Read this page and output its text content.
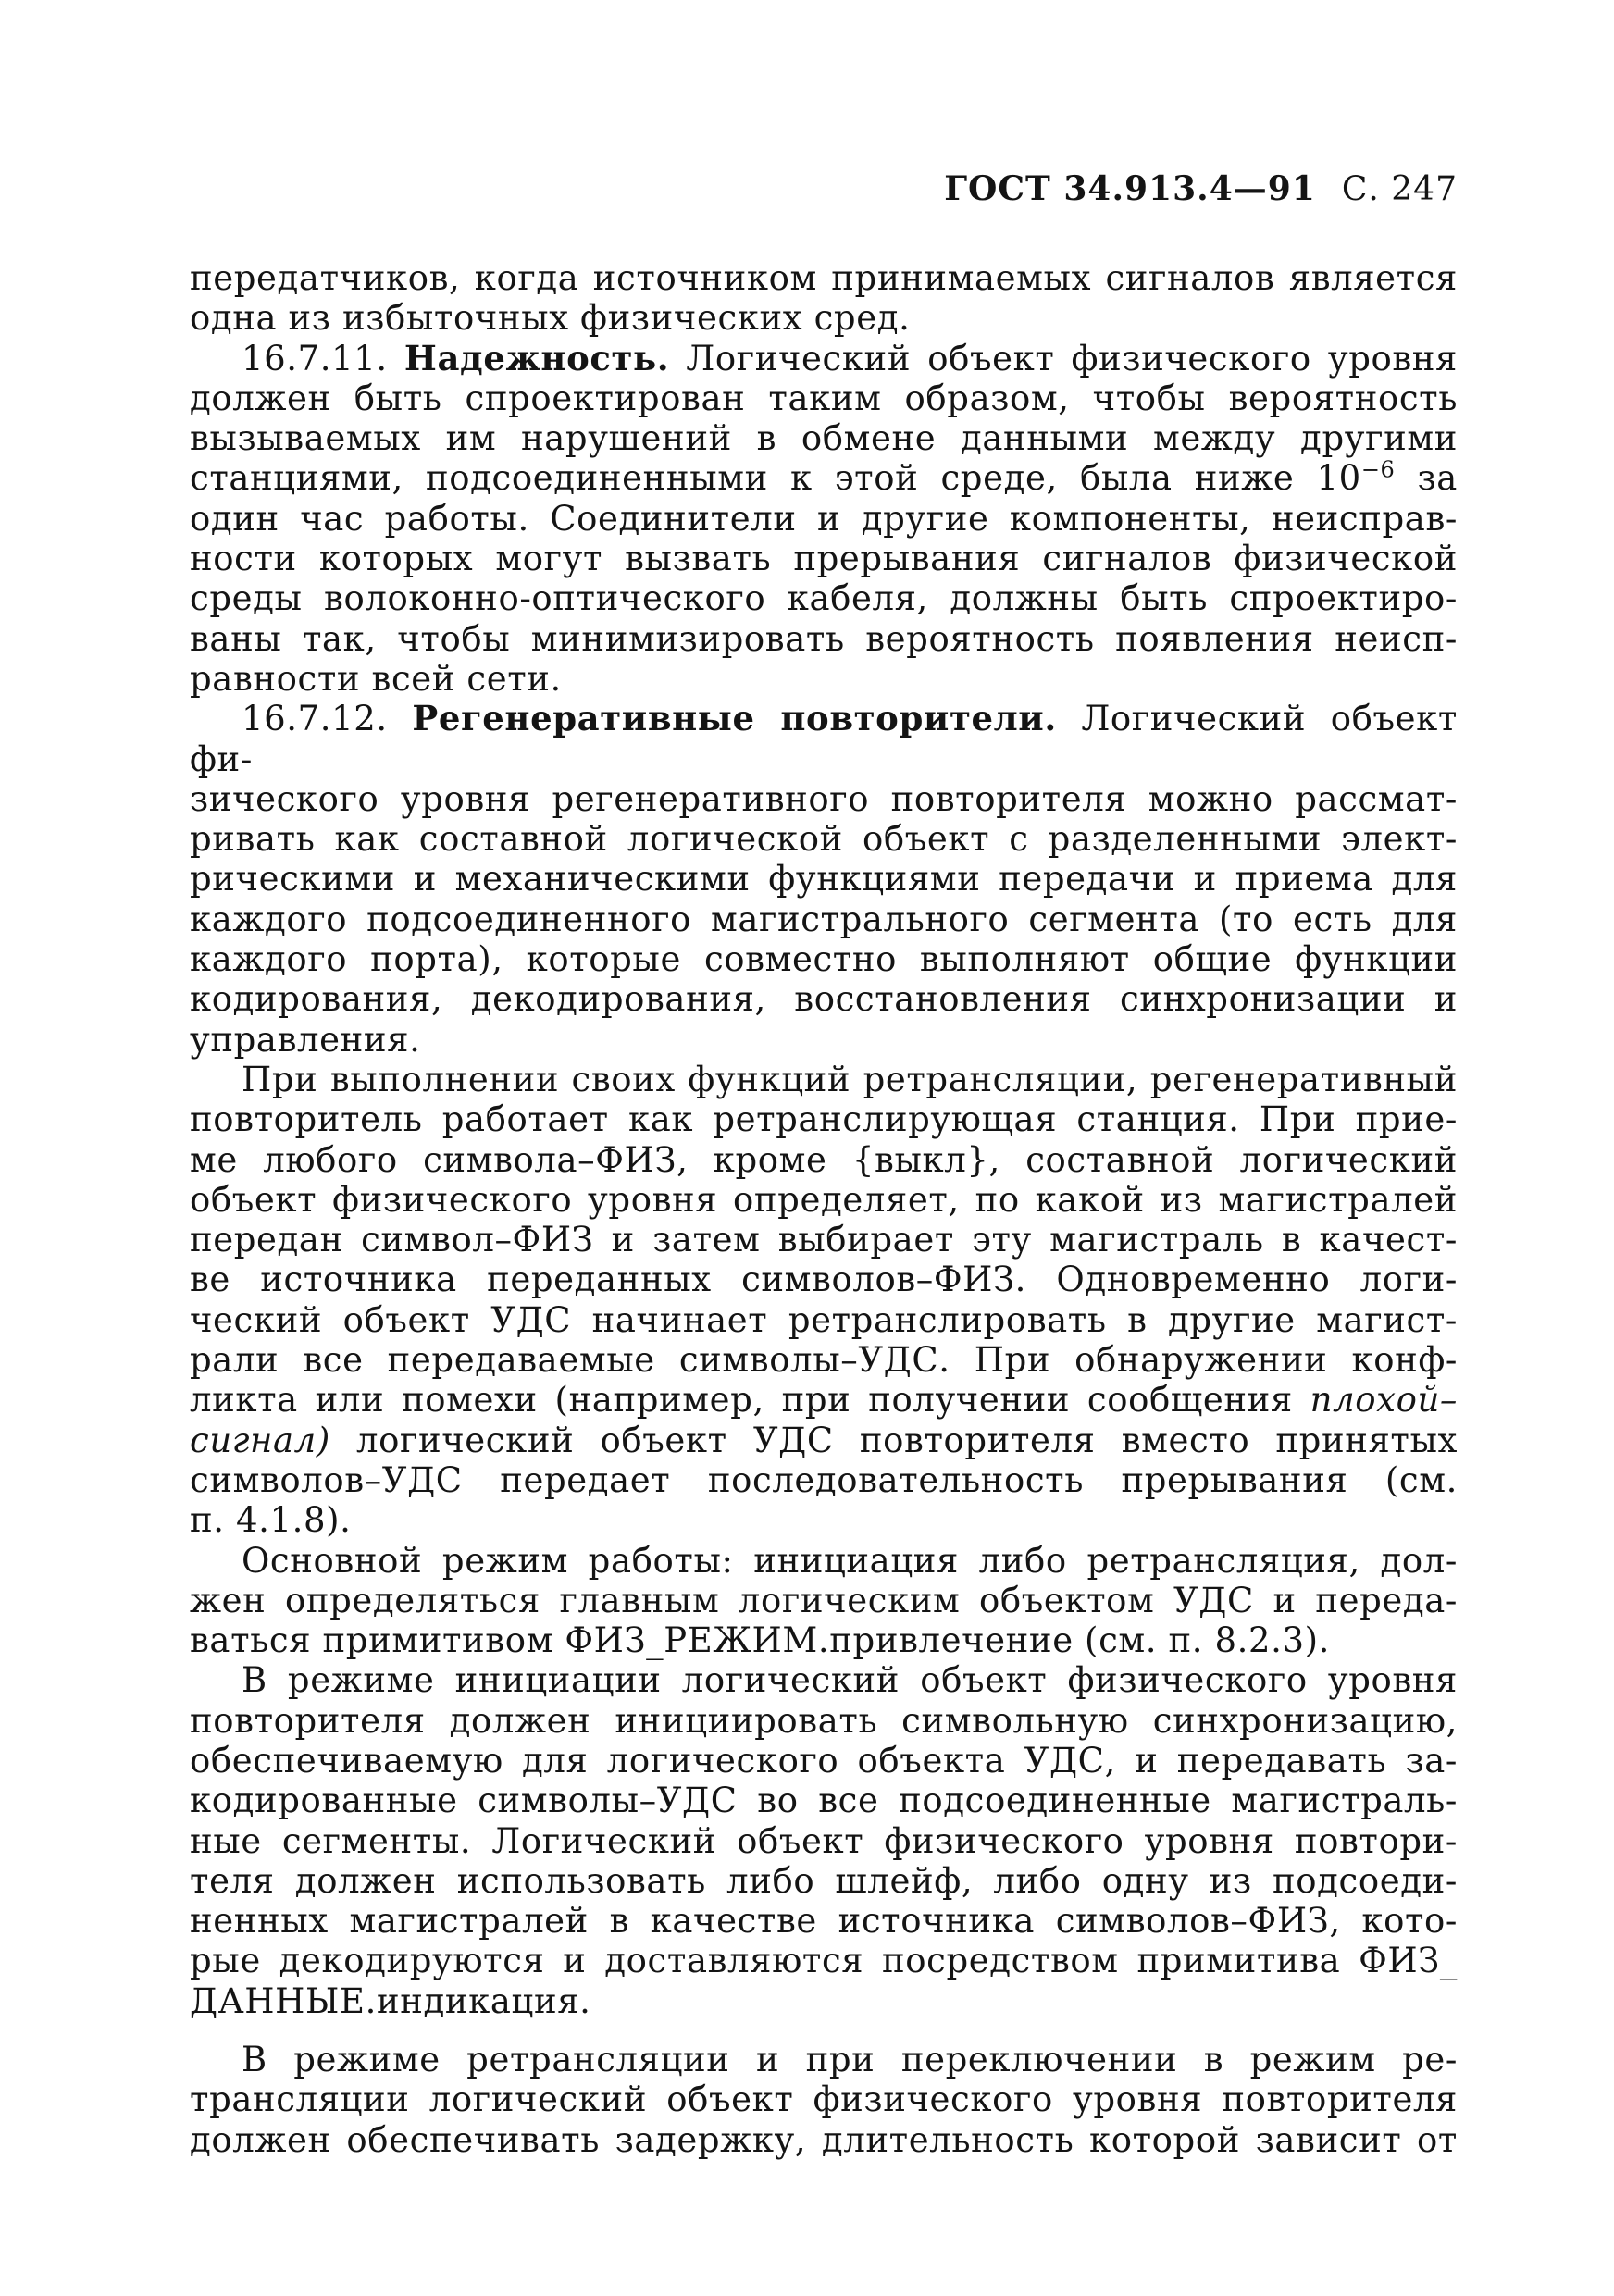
ГОСТ 34.913.4—91 С. 247

передатчиков, когда источником принимаемых сигналов является

одна из избыточных физических сред.

16.7.11. Надежность. Логический объект физического уровня

должен быть спроектирован таким образом, чтобы вероятность

вызываемых им нарушений в обмене данными между другими

станциями, подсоединенными к этой среде, была ниже $10^{-6}$ за

один час работы. Соединители и другие компоненты, неисправ-

ности которых могут вызвать прерывания сигналов физической

среды волоконно-оптического кабеля, должны быть спроектиро-

ваны так, чтобы минимизировать вероятность появления неисп-

равности всей сети.

16.7.12. Регенеративные повторители. Логический объект фи-

зического уровня регенеративного повторителя можно рассмат-

ривать как составной логической объект с разделенными элект-

рическими и механическими функциями передачи и приема для

каждого подсоединенного магистрального сегмента (то есть для

каждого порта), которые совместно выполняют общие функции

кодирования, декодирования, восстановления синхронизации и

управления.

При выполнении своих функций ретрансляции, регенеративный

повторитель работает как ретранслирующая станция. При прие-

ме любого символа–ФИЗ, кроме {выкл}, составной логический

объект физического уровня определяет, по какой из магистралей

передан символ–ФИЗ и затем выбирает эту магистраль в качест-

ве источника переданных символов–ФИЗ. Одновременно логи-

ческий объект УДС начинает ретранслировать в другие магист-

рали все передаваемые символы–УДС. При обнаружении конф-

ликта или помехи (например, при получении сообщения плохой–

сигнал) логический объект УДС повторителя вместо принятых

символов–УДС передает последовательность прерывания (см.

п. 4.1.8).

Основной режим работы: инициация либо ретрансляция, дол-

жен определяться главным логическим объектом УДС и переда-

ваться примитивом ФИЗ_РЕЖИМ.привлечение (см. п. 8.2.3).

В режиме инициации логический объект физического уровня

повторителя должен инициировать символьную синхронизацию,

обеспечиваемую для логического объекта УДС, и передавать за-

кодированные символы–УДС во все подсоединенные магистраль-

ные сегменты. Логический объект физического уровня повтори-

теля должен использовать либо шлейф, либо одну из подсоеди-

ненных магистралей в качестве источника символов–ФИЗ, кото-

рые декодируются и доставляются посредством примитива ФИЗ_

ДАННЫЕ.индикация.

В режиме ретрансляции и при переключении в режим ре-

трансляции логический объект физического уровня повторителя

должен обеспечивать задержку, длительность которой зависит от
